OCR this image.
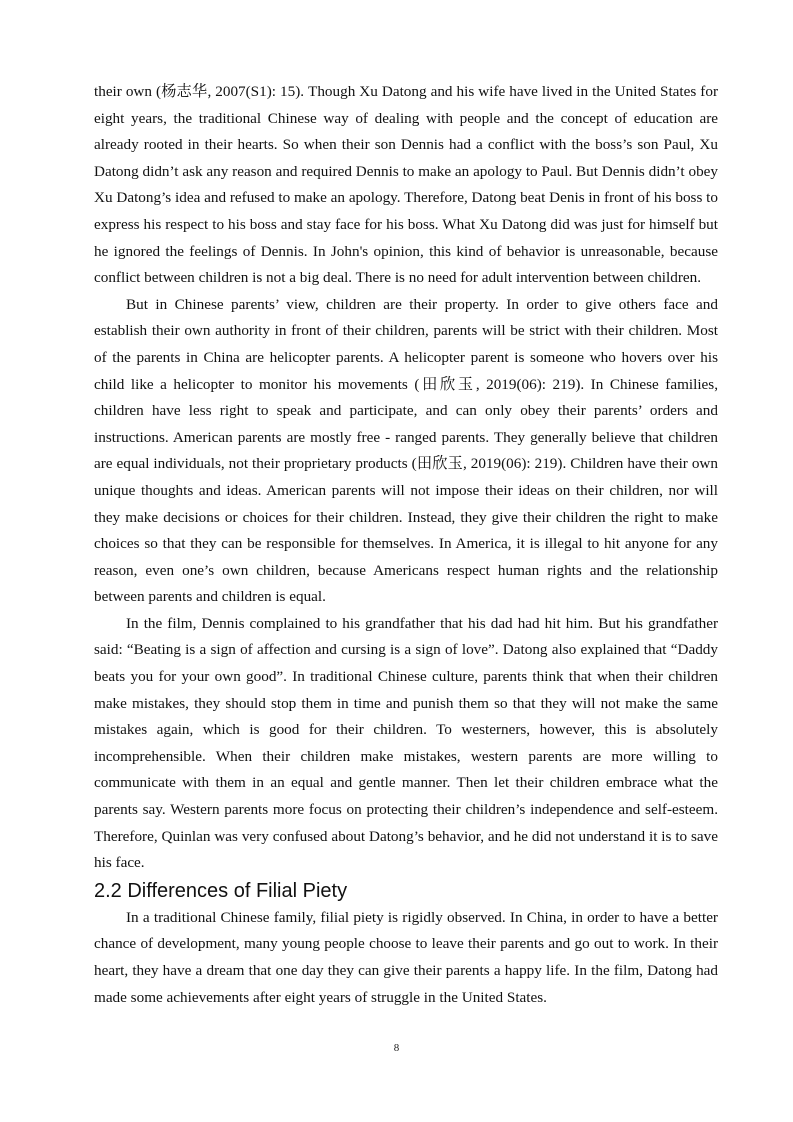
their own (杨志华, 2007(S1): 15). Though Xu Datong and his wife have lived in the United States for eight years, the traditional Chinese way of dealing with people and the concept of education are already rooted in their hearts. So when their son Dennis had a conflict with the boss’s son Paul, Xu Datong didn’t ask any reason and required Dennis to make an apology to Paul. But Dennis didn’t obey Xu Datong’s idea and refused to make an apology. Therefore, Datong beat Denis in front of his boss to express his respect to his boss and stay face for his boss. What Xu Datong did was just for himself but he ignored the feelings of Dennis. In John's opinion, this kind of behavior is unreasonable, because conflict between children is not a big deal. There is no need for adult intervention between children.

But in Chinese parents’ view, children are their property. In order to give others face and establish their own authority in front of their children, parents will be strict with their children. Most of the parents in China are helicopter parents. A helicopter parent is someone who hovers over his child like a helicopter to monitor his movements (田欣玉, 2019(06): 219). In Chinese families, children have less right to speak and participate, and can only obey their parents’ orders and instructions. American parents are mostly free - ranged parents. They generally believe that children are equal individuals, not their proprietary products (田欣玉, 2019(06): 219). Children have their own unique thoughts and ideas. American parents will not impose their ideas on their children, nor will they make decisions or choices for their children. Instead, they give their children the right to make choices so that they can be responsible for themselves. In America, it is illegal to hit anyone for any reason, even one’s own children, because Americans respect human rights and the relationship between parents and children is equal.

In the film, Dennis complained to his grandfather that his dad had hit him. But his grandfather said: “Beating is a sign of affection and cursing is a sign of love”. Datong also explained that “Daddy beats you for your own good”. In traditional Chinese culture, parents think that when their children make mistakes, they should stop them in time and punish them so that they will not make the same mistakes again, which is good for their children. To westerners, however, this is absolutely incomprehensible. When their children make mistakes, western parents are more willing to communicate with them in an equal and gentle manner. Then let their children embrace what the parents say. Western parents more focus on protecting their children’s independence and self-esteem. Therefore, Quinlan was very confused about Datong’s behavior, and he did not understand it is to save his face.

2.2 Differences of Filial Piety

In a traditional Chinese family, filial piety is rigidly observed. In China, in order to have a better chance of development, many young people choose to leave their parents and go out to work. In their heart, they have a dream that one day they can give their parents a happy life. In the film, Datong had made some achievements after eight years of struggle in the United States.

8
